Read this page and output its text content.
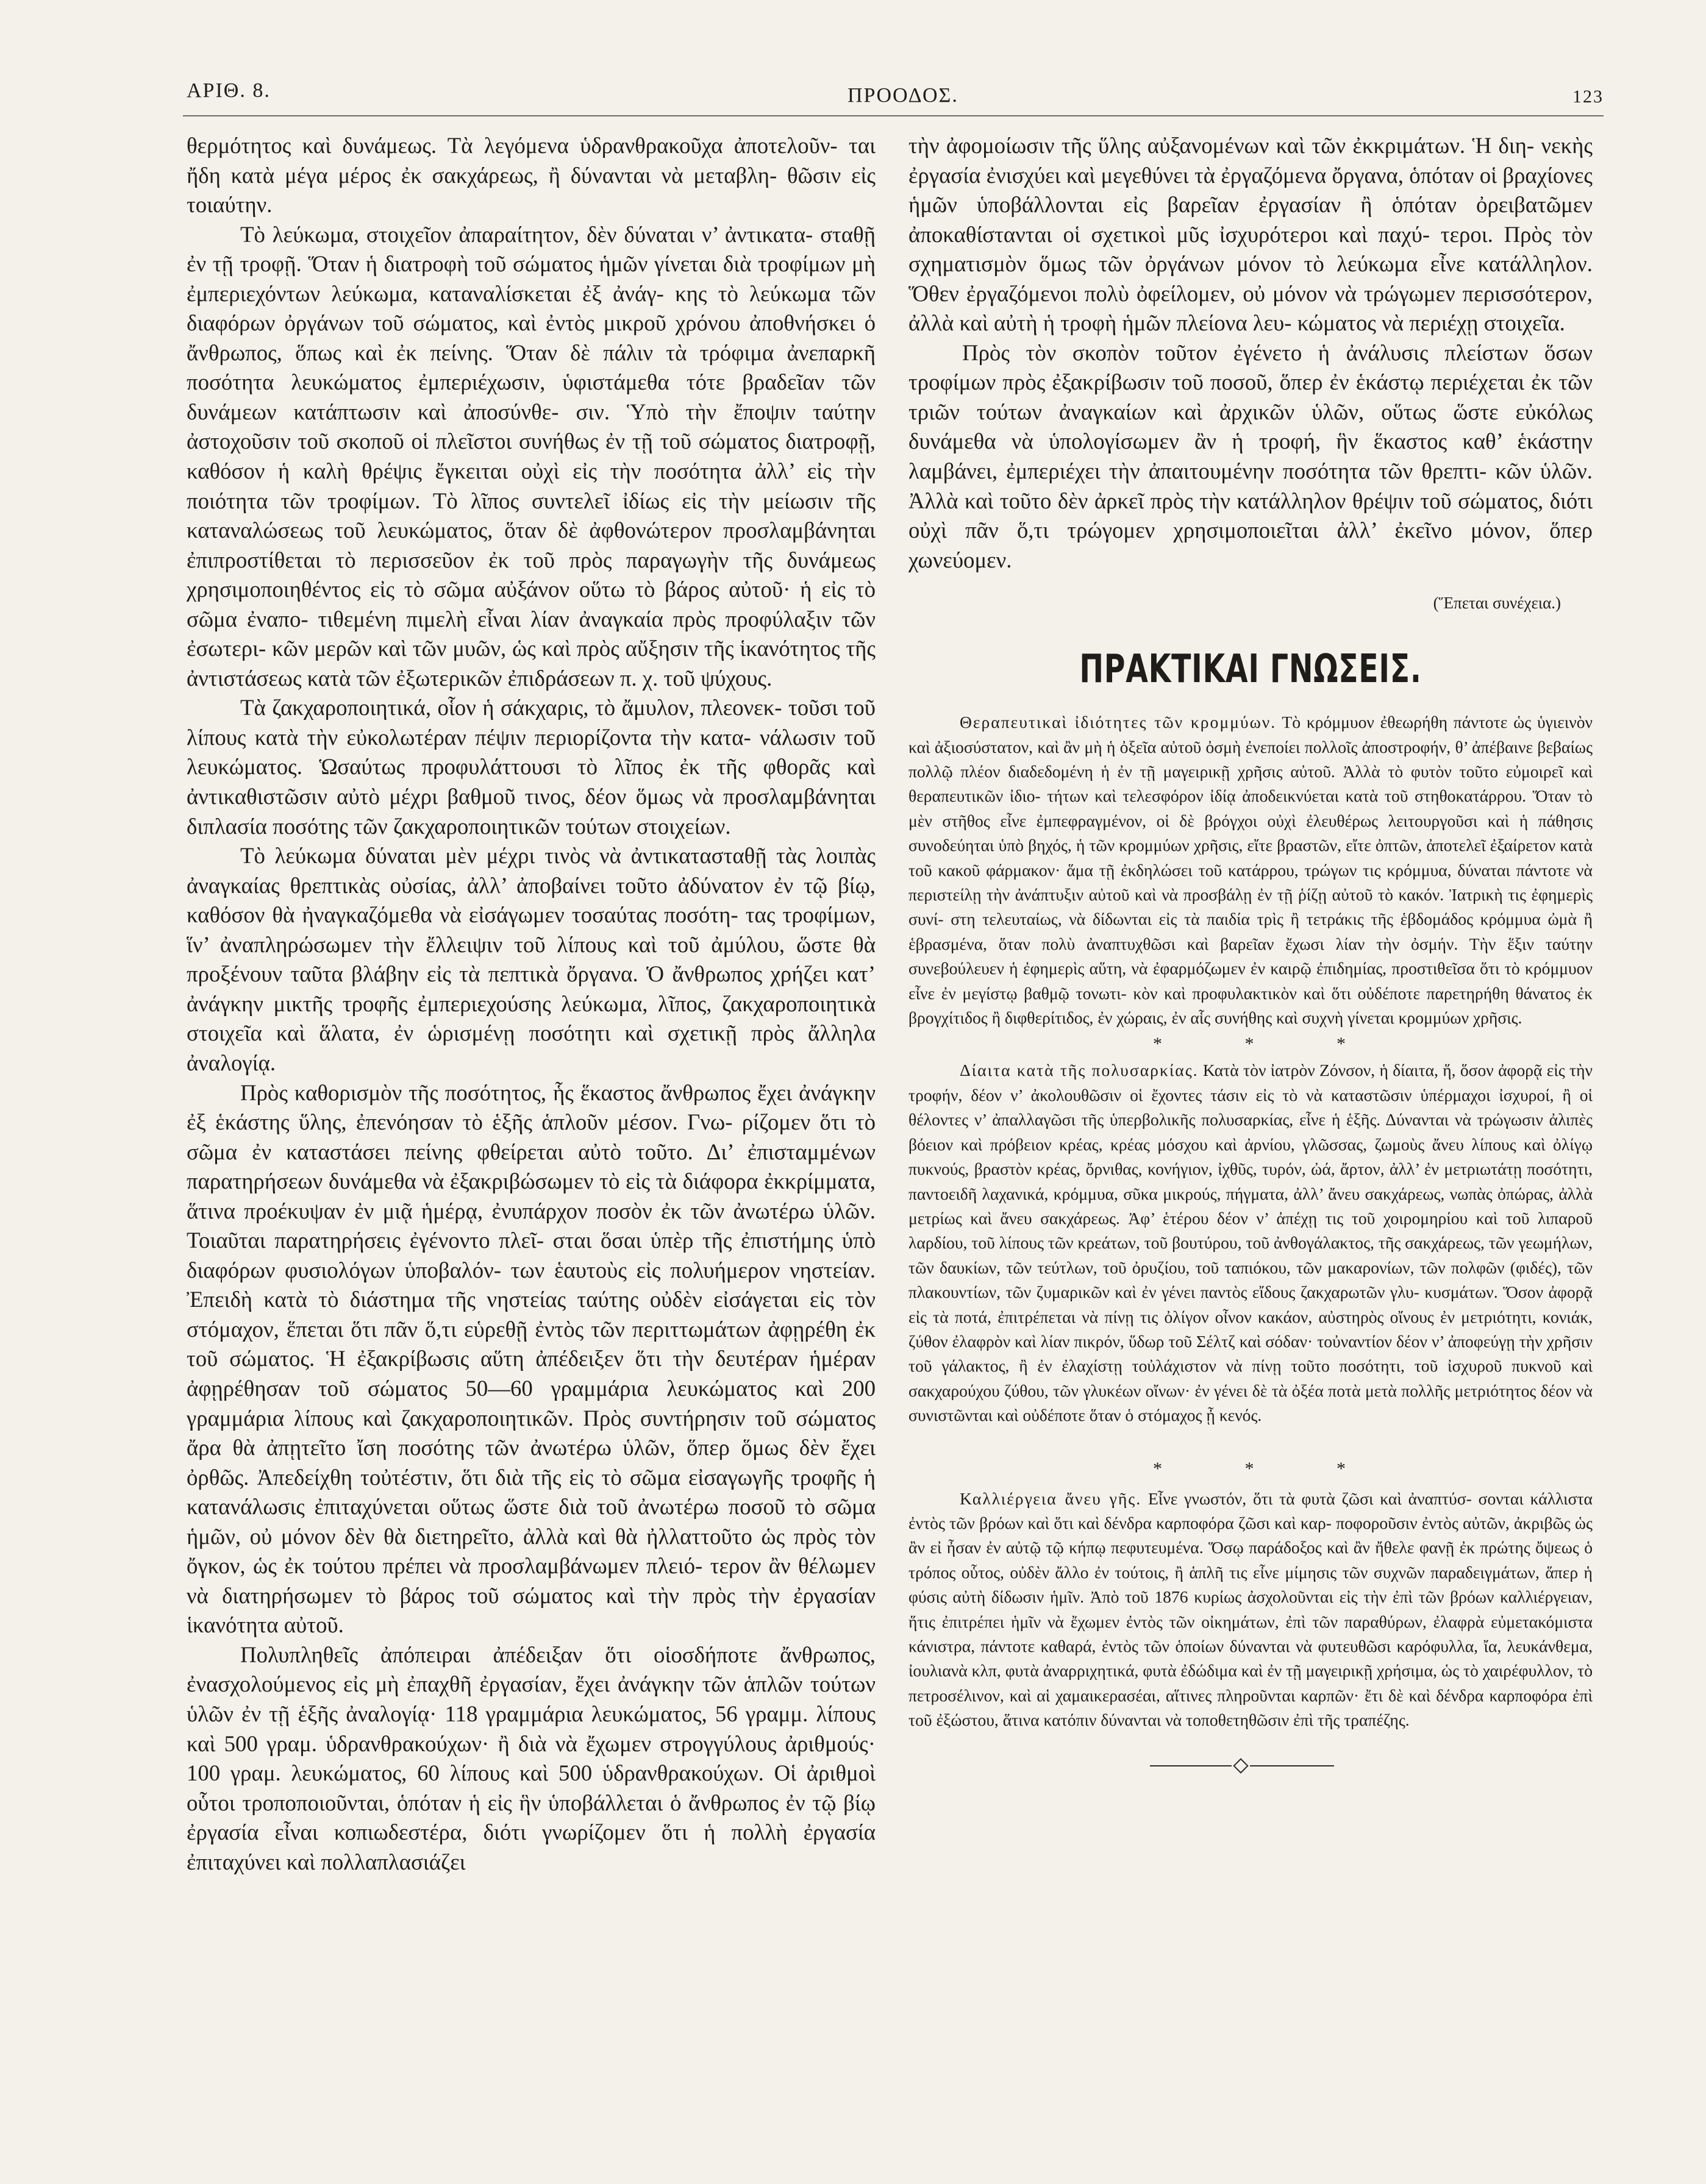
ΑΡΙΘ. 8.	ΠΡΟΟΔΟΣ.	123

θερμότητος καὶ δυνάμεως. Τὰ λεγόμενα ὑδρανθρακοῦχα ἀποτελοῦν- ται ἤδη κατὰ μέγα μέρος ἐκ σακχάρεως, ἢ δύνανται νὰ μεταβλη- θῶσιν εἰς τοιαύτην.

Τὸ λεύκωμα, στοιχεῖον ἀπαραίτητον, δὲν δύναται ν’ ἀντικατα- σταθῇ ἐν τῇ τροφῇ. Ὅταν ἡ διατροφὴ τοῦ σώματος ἡμῶν γίνεται διὰ τροφίμων μὴ ἐμπεριεχόντων λεύκωμα, καταναλίσκεται ἐξ ἀνάγ- κης τὸ λεύκωμα τῶν διαφόρων ὀργάνων τοῦ σώματος, καὶ ἐντὸς μικροῦ χρόνου ἀποθνήσκει ὁ ἄνθρωπος, ὅπως καὶ ἐκ πείνης. Ὅταν δὲ πάλιν τὰ τρόφιμα ἀνεπαρκῆ ποσότητα λευκώματος ἐμπεριέχωσιν, ὑφιστάμεθα τότε βραδεῖαν τῶν δυνάμεων κατάπτωσιν καὶ ἀποσύνθε- σιν. Ὑπὸ τὴν ἔποψιν ταύτην ἀστοχοῦσιν τοῦ σκοποῦ οἱ πλεῖστοι συνήθως ἐν τῇ τοῦ σώματος διατροφῇ, καθόσον ἡ καλὴ θρέψις ἔγκειται οὐχὶ εἰς τὴν ποσότητα ἀλλ’ εἰς τὴν ποιότητα τῶν τροφίμων. Τὸ λῖπος συντελεῖ ἰδίως εἰς τὴν μείωσιν τῆς καταναλώσεως τοῦ λευκώματος, ὅταν δὲ ἀφθονώτερον προσλαμβάνηται ἐπιπροστίθεται τὸ περισσεῦον ἐκ τοῦ πρὸς παραγωγὴν τῆς δυνάμεως χρησιμοποιηθέντος εἰς τὸ σῶμα αὐξάνον οὕτω τὸ βάρος αὐτοῦ· ἡ εἰς τὸ σῶμα ἐναπο- τιθεμένη πιμελὴ εἶναι λίαν ἀναγκαία πρὸς προφύλαξιν τῶν ἐσωτερι- κῶν μερῶν καὶ τῶν μυῶν, ὡς καὶ πρὸς αὔξησιν τῆς ἱκανότητος τῆς ἀντιστάσεως κατὰ τῶν ἐξωτερικῶν ἐπιδράσεων π. χ. τοῦ ψύχους.

Τὰ ζακχαροποιητικά, οἷον ἡ σάκχαρις, τὸ ἄμυλον, πλεονεκ- τοῦσι τοῦ λίπους κατὰ τὴν εὐκολωτέραν πέψιν περιορίζοντα τὴν κατα- νάλωσιν τοῦ λευκώματος. Ὡσαύτως προφυλάττουσι τὸ λῖπος ἐκ τῆς φθορᾶς καὶ ἀντικαθιστῶσιν αὐτὸ μέχρι βαθμοῦ τινος, δέον ὅμως νὰ προσλαμβάνηται διπλασία ποσότης τῶν ζακχαροποιητικῶν τούτων στοιχείων.

Τὸ λεύκωμα δύναται μὲν μέχρι τινὸς νὰ ἀντικατασταθῇ τὰς λοιπὰς ἀναγκαίας θρεπτικὰς οὐσίας, ἀλλ’ ἀποβαίνει τοῦτο ἀδύνατον ἐν τῷ βίῳ, καθόσον θὰ ἠναγκαζόμεθα νὰ εἰσάγωμεν τοσαύτας ποσότη- τας τροφίμων, ἵν’ ἀναπληρώσωμεν τὴν ἔλλειψιν τοῦ λίπους καὶ τοῦ ἀμύλου, ὥστε θὰ προξένουν ταῦτα βλάβην εἰς τὰ πεπτικὰ ὄργανα. Ὁ ἄνθρωπος χρήζει κατ’ ἀνάγκην μικτῆς τροφῆς ἐμπεριεχούσης λεύκωμα, λῖπος, ζακχαροποιητικὰ στοιχεῖα καὶ ἅλατα, ἐν ὡρισμένῃ ποσότητι καὶ σχετικῇ πρὸς ἄλληλα ἀναλογίᾳ.

Πρὸς καθορισμὸν τῆς ποσότητος, ἧς ἕκαστος ἄνθρωπος ἔχει ἀνάγκην ἐξ ἑκάστης ὕλης, ἐπενόησαν τὸ ἑξῆς ἁπλοῦν μέσον. Γνω- ρίζομεν ὅτι τὸ σῶμα ἐν καταστάσει πείνης φθείρεται αὐτὸ τοῦτο. Δι’ ἐπισταμμένων παρατηρήσεων δυνάμεθα νὰ ἐξακριβώσωμεν τὸ εἰς τὰ διάφορα ἐκκρίμματα, ἅτινα προέκυψαν ἐν μιᾷ ἡμέρᾳ, ἐνυπάρχον ποσὸν ἐκ τῶν ἀνωτέρω ὑλῶν. Τοιαῦται παρατηρήσεις ἐγένοντο πλεῖ- σται ὅσαι ὑπὲρ τῆς ἐπιστήμης ὑπὸ διαφόρων φυσιολόγων ὑποβαλόν- των ἑαυτοὺς εἰς πολυήμερον νηστείαν. Ἐπειδὴ κατὰ τὸ διάστημα τῆς νηστείας ταύτης οὐδὲν εἰσάγεται εἰς τὸν στόμαχον, ἕπεται ὅτι πᾶν ὅ,τι εὑρεθῇ ἐντὸς τῶν περιττωμάτων ἀφῃρέθη ἐκ τοῦ σώματος. Ἡ ἐξακρίβωσις αὕτη ἀπέδειξεν ὅτι τὴν δευτέραν ἡμέραν ἀφῃρέθησαν τοῦ σώματος 50—60 γραμμάρια λευκώματος καὶ 200 γραμμάρια λίπους καὶ ζακχαροποιητικῶν. Πρὸς συντήρησιν τοῦ σώματος ἄρα θὰ ἀπῃτεῖτο ἴση ποσότης τῶν ἀνωτέρω ὑλῶν, ὅπερ ὅμως δὲν ἔχει ὀρθῶς. Ἀπεδείχθη τοὐτέστιν, ὅτι διὰ τῆς εἰς τὸ σῶμα εἰσαγωγῆς τροφῆς ἡ κατανάλωσις ἐπιταχύνεται οὕτως ὥστε διὰ τοῦ ἀνωτέρω ποσοῦ τὸ σῶμα ἡμῶν, οὐ μόνον δὲν θὰ διετηρεῖτο, ἀλλὰ καὶ θὰ ἠλλαττοῦτο ὡς πρὸς τὸν ὄγκον, ὡς ἐκ τούτου πρέπει νὰ προσλαμβάνωμεν πλειό- τερον ἂν θέλωμεν νὰ διατηρήσωμεν τὸ βάρος τοῦ σώματος καὶ τὴν πρὸς τὴν ἐργασίαν ἱκανότητα αὐτοῦ.

Πολυπληθεῖς ἀπόπειραι ἀπέδειξαν ὅτι οἱοσδήποτε ἄνθρωπος, ἐνασχολούμενος εἰς μὴ ἐπαχθῆ ἐργασίαν, ἔχει ἀνάγκην τῶν ἁπλῶν τούτων ὑλῶν ἐν τῇ ἑξῆς ἀναλογίᾳ· 118 γραμμάρια λευκώματος, 56 γραμμ. λίπους καὶ 500 γραμ. ὑδρανθρακούχων· ἢ διὰ νὰ ἔχωμεν στρογγύλους ἀριθμούς· 100 γραμ. λευκώματος, 60 λίπους καὶ 500 ὑδρανθρακούχων. Οἱ ἀριθμοὶ οὗτοι τροποποιοῦνται, ὁπόταν ἡ εἰς ἣν ὑποβάλλεται ὁ ἄνθρωπος ἐν τῷ βίῳ ἐργασία εἶναι κοπιωδεστέρα, διότι γνωρίζομεν ὅτι ἡ πολλὴ ἐργασία ἐπιταχύνει καὶ πολλαπλασιάζει

τὴν ἀφομοίωσιν τῆς ὕλης αὐξανομένων καὶ τῶν ἐκκριμάτων. Ἡ διη- νεκὴς ἐργασία ἐνισχύει καὶ μεγεθύνει τὰ ἐργαζόμενα ὄργανα, ὁπόταν οἱ βραχίονες ἡμῶν ὑποβάλλονται εἰς βαρεῖαν ἐργασίαν ἢ ὁπόταν ὀρειβατῶμεν ἀποκαθίστανται οἱ σχετικοὶ μῦς ἰσχυρότεροι καὶ παχύ- τεροι. Πρὸς τὸν σχηματισμὸν ὅμως τῶν ὀργάνων μόνον τὸ λεύκωμα εἶνε κατάλληλον. Ὅθεν ἐργαζόμενοι πολὺ ὀφείλομεν, οὐ μόνον νὰ τρώγωμεν περισσότερον, ἀλλὰ καὶ αὐτὴ ἡ τροφὴ ἡμῶν πλείονα λευ- κώματος νὰ περιέχῃ στοιχεῖα.

Πρὸς τὸν σκοπὸν τοῦτον ἐγένετο ἡ ἀνάλυσις πλείστων ὅσων τροφίμων πρὸς ἐξακρίβωσιν τοῦ ποσοῦ, ὅπερ ἐν ἑκάστῳ περιέχεται ἐκ τῶν τριῶν τούτων ἀναγκαίων καὶ ἀρχικῶν ὑλῶν, οὕτως ὥστε εὐκόλως δυνάμεθα νὰ ὑπολογίσωμεν ἂν ἡ τροφή, ἣν ἕκαστος καθ’ ἑκάστην λαμβάνει, ἐμπεριέχει τὴν ἀπαιτουμένην ποσότητα τῶν θρεπτι- κῶν ὑλῶν. Ἀλλὰ καὶ τοῦτο δὲν ἀρκεῖ πρὸς τὴν κατάλληλον θρέψιν τοῦ σώματος, διότι οὐχὶ πᾶν ὅ,τι τρώγομεν χρησιμοποιεῖται ἀλλ’ ἐκεῖνο μόνον, ὅπερ χωνεύομεν.

(Ἕπεται συνέχεια.)
ΠΡΑΚΤΙΚΑΙ ΓΝΩΣΕΙΣ.

Θεραπευτικαὶ ἰδιότητες τῶν κρομμύων. Τὸ κρόμμυον ἐθεωρήθη πάντοτε ὡς ὑγιεινὸν καὶ ἀξιοσύστατον, καὶ ἂν μὴ ἡ ὀξεῖα αὐτοῦ ὀσμὴ ἐνεποίει πολλοῖς ἀποστροφήν, θ’ ἀπέβαινε βεβαίως πολλῷ πλέον διαδεδομένη ἡ ἐν τῇ μαγειρικῇ χρῆσις αὐτοῦ. Ἀλλὰ τὸ φυτὸν τοῦτο εὐμοιρεῖ καὶ θεραπευτικῶν ἰδιο- τήτων καὶ τελεσφόρον ἰδίᾳ ἀποδεικνύεται κατὰ τοῦ στηθοκατάρρου. Ὅταν τὸ μὲν στῆθος εἶνε ἐμπεφραγμένον, οἱ δὲ βρόγχοι οὐχὶ ἐλευθέρως λειτουργοῦσι καὶ ἡ πάθησις συνοδεύηται ὑπὸ βηχός, ἡ τῶν κρομμύων χρῆσις, εἴτε βραστῶν, εἴτε ὀπτῶν, ἀποτελεῖ ἐξαίρετον κατὰ τοῦ κακοῦ φάρμακον· ἅμα τῇ ἐκδηλώσει τοῦ κατάρρου, τρώγων τις κρόμμυα, δύναται πάντοτε νὰ περιστείλῃ τὴν ἀνάπτυξιν αὐτοῦ καὶ νὰ προσβάλῃ ἐν τῇ ῥίζῃ αὐτοῦ τὸ κακόν. Ἰατρικὴ τις ἐφημερὶς συνί- στη τελευταίως, νὰ δίδωνται εἰς τὰ παιδία τρὶς ἢ τετράκις τῆς ἑβδομάδος κρόμμυα ὠμὰ ἢ ἑβρασμένα, ὅταν πολὺ ἀναπτυχθῶσι καὶ βαρεῖαν ἔχωσι λίαν τὴν ὀσμήν. Τὴν ἕξιν ταύτην συνεβούλευεν ἡ ἐφημερὶς αὕτη, νὰ ἐφαρμόζωμεν ἐν καιρῷ ἐπιδημίας, προστιθεῖσα ὅτι τὸ κρόμμυον εἶνε ἐν μεγίστῳ βαθμῷ τονωτι- κὸν καὶ προφυλακτικὸν καὶ ὅτι οὐδέποτε παρετηρήθη θάνατος ἐκ βρογχίτιδος ἢ διφθερίτιδος, ἐν χώραις, ἐν αἷς συνήθης καὶ συχνὴ γίνεται κρομμύων χρῆσις.

* * *

Δίαιτα κατὰ τῆς πολυσαρκίας. Κατὰ τὸν ἰατρὸν Ζόνσον, ἡ δίαιτα, ἥ, ὅσον ἀφορᾷ εἰς τὴν τροφήν, δέον ν’ ἀκολουθῶσιν οἱ ἔχοντες τάσιν εἰς τὸ νὰ καταστῶσιν ὑπέρμαχοι ἰσχυροί, ἢ οἱ θέλοντες ν’ ἀπαλλαγῶσι τῆς ὑπερβολικῆς πολυσαρκίας, εἶνε ἡ ἑξῆς. Δύνανται νὰ τρώγωσιν ἀλιπὲς βόειον καὶ πρόβειον κρέας, κρέας μόσχου καὶ ἀρνίου, γλῶσσας, ζωμοὺς ἄνευ λίπους καὶ ὀλίγῳ πυκνούς, βραστὸν κρέας, ὄρνιθας, κονήγιον, ἰχθῦς, τυρόν, ὠά, ἄρτον, ἀλλ’ ἐν μετριωτάτῃ ποσότητι, παντοειδῆ λαχανικά, κρόμμυα, σῦκα μικρούς, πήγματα, ἀλλ’ ἄνευ σακχάρεως, νωπὰς ὀπώρας, ἀλλὰ μετρίως καὶ ἄνευ σακχάρεως. Ἀφ’ ἑτέρου δέον ν’ ἀπέχῃ τις τοῦ χοιρομηρίου καὶ τοῦ λιπαροῦ λαρδίου, τοῦ λίπους τῶν κρεάτων, τοῦ βουτύρου, τοῦ ἀνθογάλακτος, τῆς σακχάρεως, τῶν γεωμήλων, τῶν δαυκίων, τῶν τεύτλων, τοῦ ὀρυζίου, τοῦ ταπιόκου, τῶν μακαρονίων, τῶν πολφῶν (φιδές), τῶν πλακουντίων, τῶν ζυμαρικῶν καὶ ἐν γένει παντὸς εἴδους ζακχαρωτῶν γλυ- κυσμάτων. Ὅσον ἀφορᾷ εἰς τὰ ποτά, ἐπιτρέπεται νὰ πίνῃ τις ὀλίγον οἶνον κακάον, αὐστηρὸς οἴνους ἐν μετριότητι, κονιάκ, ζύθον ἐλαφρὸν καὶ λίαν πικρόν, ὕδωρ τοῦ Σέλτζ καὶ σόδαν· τοὐναντίον δέον ν’ ἀποφεύγῃ τὴν χρῆσιν τοῦ γάλακτος, ἢ ἐν ἐλαχίστῃ τοὐλάχιστον νὰ πίνῃ τοῦτο ποσότητι, τοῦ ἰσχυροῦ πυκνοῦ καὶ σακχαρούχου ζύθου, τῶν γλυκέων οἴνων· ἐν γένει δὲ τὰ ὀξέα ποτὰ μετὰ πολλῆς μετριότητος δέον νὰ συνιστῶνται καὶ οὐδέποτε ὅταν ὁ στόμαχος ᾖ κενός.

* * *

Καλλιέργεια ἄνευ γῆς. Εἶνε γνωστόν, ὅτι τὰ φυτὰ ζῶσι καὶ ἀναπτύσ- σονται κάλλιστα ἐντὸς τῶν βρόων καὶ ὅτι καὶ δένδρα καρποφόρα ζῶσι καὶ καρ- ποφοροῦσιν ἐντὸς αὐτῶν, ἀκριβῶς ὡς ἂν εἰ ἦσαν ἐν αὐτῷ τῷ κήπῳ πεφυτευμένα. Ὅσῳ παράδοξος καὶ ἂν ἤθελε φανῇ ἐκ πρώτης ὄψεως ὁ τρόπος οὗτος, οὐδὲν ἄλλο ἐν τούτοις, ἢ ἁπλῆ τις εἶνε μίμησις τῶν συχνῶν παραδειγμάτων, ἅπερ ἡ φύσις αὐτὴ δίδωσιν ἡμῖν. Ἀπὸ τοῦ 1876 κυρίως ἀσχολοῦνται εἰς τὴν ἐπὶ τῶν βρόων καλλιέργειαν, ἥτις ἐπιτρέπει ἡμῖν νὰ ἔχωμεν ἐντὸς τῶν οἰκημάτων, ἐπὶ τῶν παραθύρων, ἐλαφρὰ εὐμετακόμιστα κάνιστρα, πάντοτε καθαρά, ἐντὸς τῶν ὁποίων δύνανται νὰ φυτευθῶσι καρόφυλλα, ἴα, λευκάνθεμα, ἰουλιανὰ κλπ, φυτὰ ἀναρριχητικά, φυτὰ ἐδώδιμα καὶ ἐν τῇ μαγειρικῇ χρήσιμα, ὡς τὸ χαιρέφυλλον, τὸ πετροσέλινον, καὶ αἱ χαμαικερασέαι, αἵτινες πληροῦνται καρπῶν· ἔτι δὲ καὶ δένδρα καρποφόρα ἐπὶ τοῦ ἐξώστου, ἅτινα κατόπιν δύνανται νὰ τοποθετηθῶσιν ἐπὶ τῆς τραπέζης.
